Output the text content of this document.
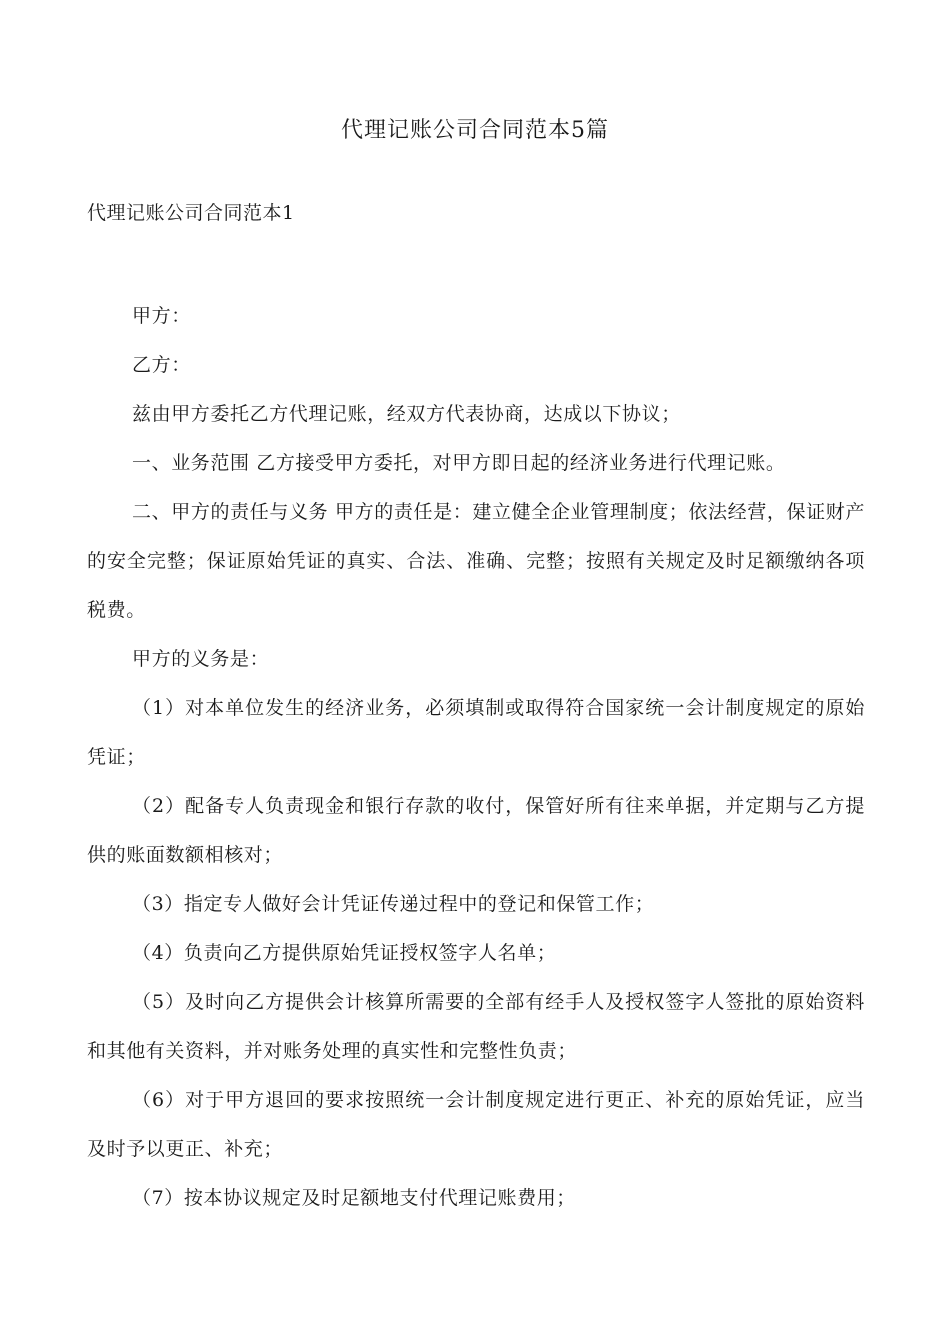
代理记账公司合同范本5篇
代理记账公司合同范本1

甲方：

乙方：

兹由甲方委托乙方代理记账，经双方代表协商，达成以下协议；

一、业务范围 乙方接受甲方委托，对甲方即日起的经济业务进行代理记账。

二、甲方的责任与义务 甲方的责任是：建立健全企业管理制度；依法经营，保证财产的安全完整；保证原始凭证的真实、合法、准确、完整；按照有关规定及时足额缴纳各项税费。

甲方的义务是：

（1）对本单位发生的经济业务，必须填制或取得符合国家统一会计制度规定的原始凭证；

（2）配备专人负责现金和银行存款的收付，保管好所有往来单据，并定期与乙方提供的账面数额相核对；

（3）指定专人做好会计凭证传递过程中的登记和保管工作；

（4）负责向乙方提供原始凭证授权签字人名单；

（5）及时向乙方提供会计核算所需要的全部有经手人及授权签字人签批的原始资料和其他有关资料，并对账务处理的真实性和完整性负责；

（6）对于甲方退回的要求按照统一会计制度规定进行更正、补充的原始凭证，应当及时予以更正、补充；

（7）按本协议规定及时足额地支付代理记账费用；
